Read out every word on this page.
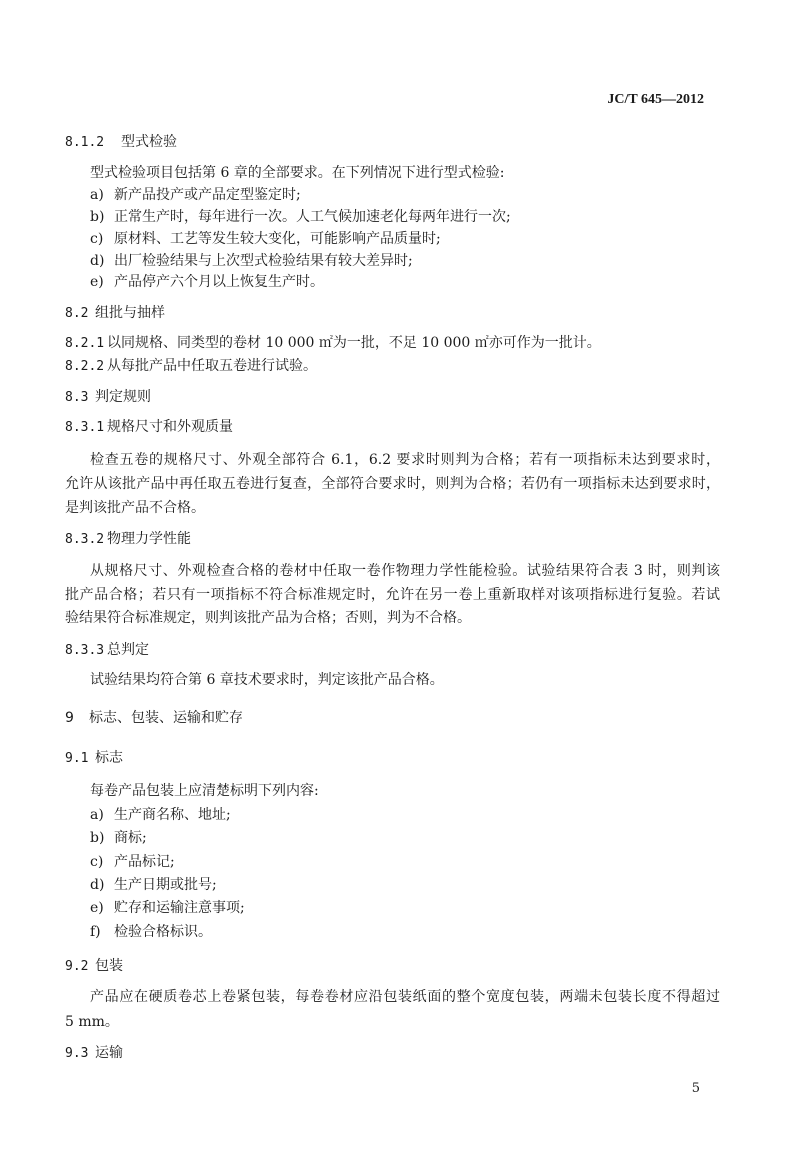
JC/T 645—2012
8.1.2 型式检验
型式检验项目包括第 6 章的全部要求。在下列情况下进行型式检验:
a) 新产品投产或产品定型鉴定时;
b) 正常生产时，每年进行一次。人工气候加速老化每两年进行一次;
c) 原材料、工艺等发生较大变化，可能影响产品质量时;
d) 出厂检验结果与上次型式检验结果有较大差异时;
e) 产品停产六个月以上恢复生产时。
8.2 组批与抽样
8.2.1 以同规格、同类型的卷材 10 000 ㎡为一批，不足 10 000 ㎡亦可作为一批计。
8.2.2 从每批产品中任取五卷进行试验。
8.3 判定规则
8.3.1 规格尺寸和外观质量
检查五卷的规格尺寸、外观全部符合 6.1，6.2 要求时则判为合格；若有一项指标未达到要求时，
允许从该批产品中再任取五卷进行复查，全部符合要求时，则判为合格；若仍有一项指标未达到要求时，
是判该批产品不合格。
8.3.2 物理力学性能
从规格尺寸、外观检查合格的卷材中任取一卷作物理力学性能检验。试验结果符合表 3 时，则判该
批产品合格；若只有一项指标不符合标准规定时，允许在另一卷上重新取样对该项指标进行复验。若试
验结果符合标准规定，则判该批产品为合格；否则，判为不合格。
8.3.3 总判定
试验结果均符合第 6 章技术要求时，判定该批产品合格。
9 标志、包装、运输和贮存
9.1 标志
每卷产品包装上应清楚标明下列内容:
a) 生产商名称、地址;
b) 商标;
c) 产品标记;
d) 生产日期或批号;
e) 贮存和运输注意事项;
f) 检验合格标识。
9.2 包装
产品应在硬质卷芯上卷紧包装，每卷卷材应沿包装纸面的整个宽度包装，两端未包装长度不得超过
5 mm。
9.3 运输
5
